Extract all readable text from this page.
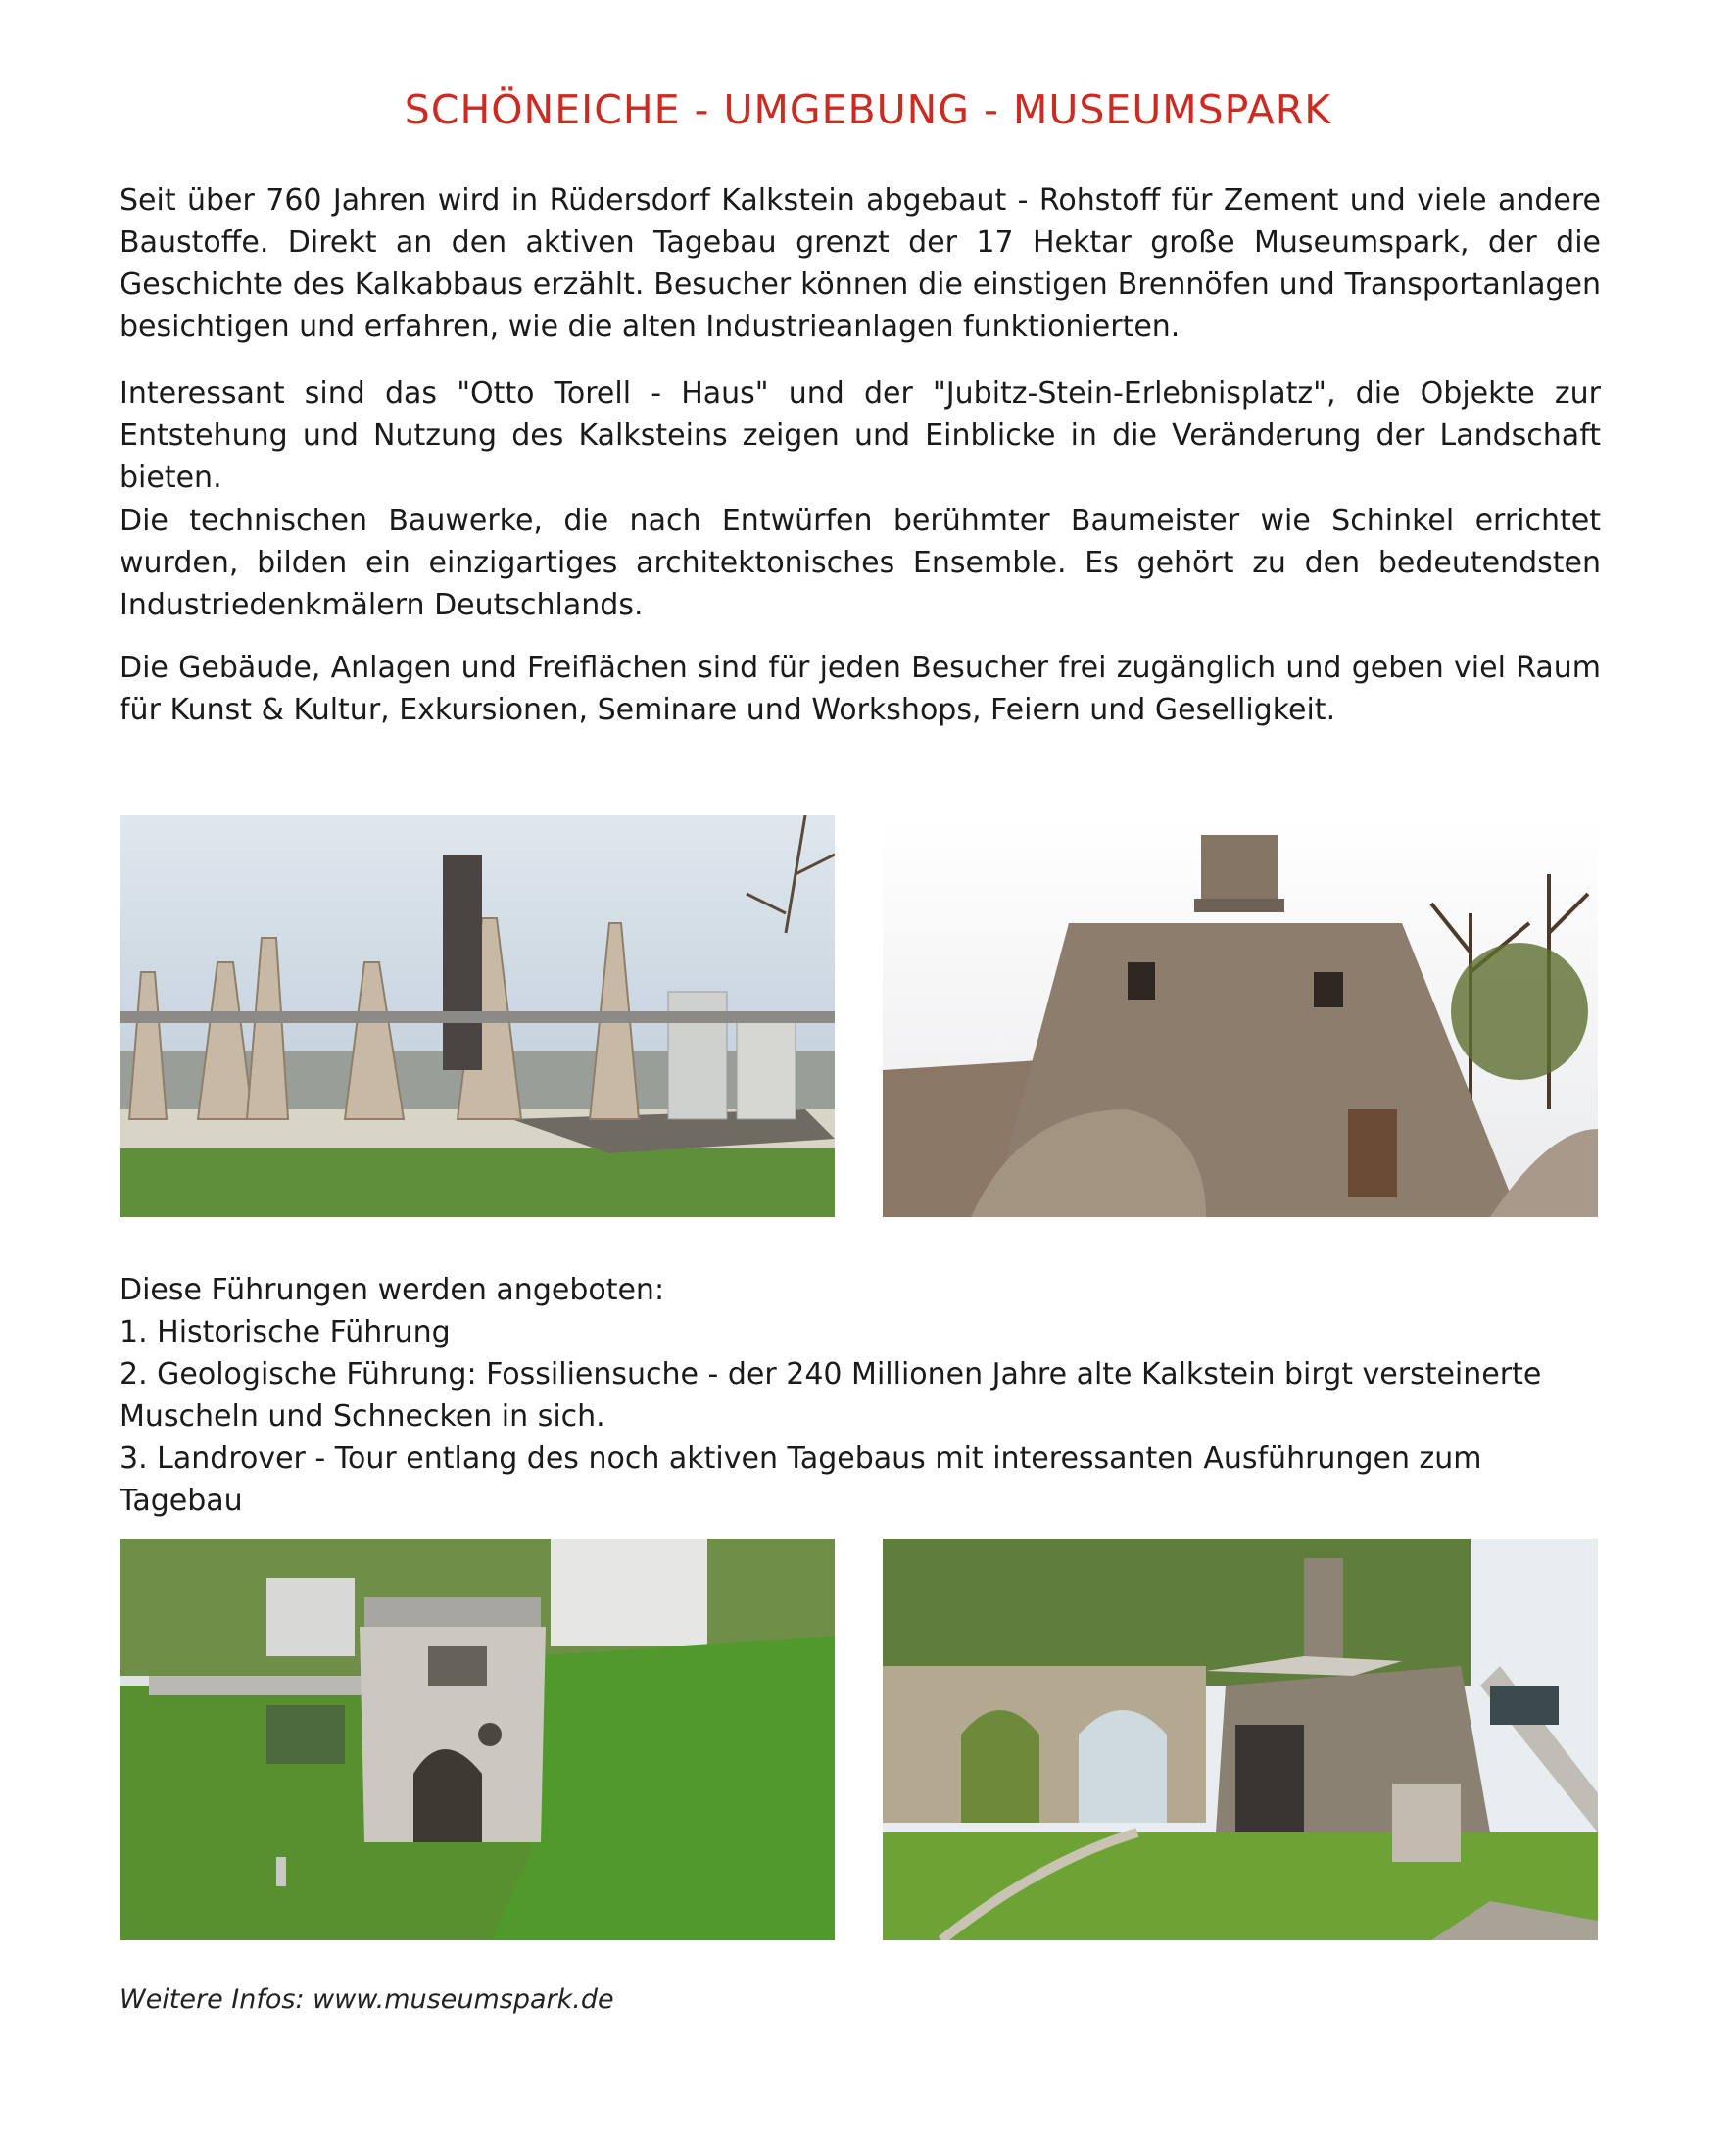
SCHÖNEICHE - UMGEBUNG - MUSEUMSPARK

Seit über 760 Jahren wird in Rüdersdorf Kalkstein abgebaut - Rohstoff für Zement und viele andere Baustoffe. Direkt an den aktiven Tagebau grenzt der 17 Hektar große Museumspark, der die Geschichte des Kalkabbaus erzählt. Besucher können die einstigen Brennöfen und Transportanlagen besichtigen und erfahren, wie die alten Industrieanlagen funktionierten.

Interessant sind das "Otto Torell - Haus" und der "Jubitz-Stein-Erlebnisplatz", die Objekte zur Entstehung und Nutzung des Kalksteins zeigen und Einblicke in die Veränderung der Landschaft bieten.

Die technischen Bauwerke, die nach Entwürfen berühmter Baumeister wie Schinkel errichtet wurden, bilden ein einzigartiges architektonisches Ensemble. Es gehört zu den bedeutendsten Industriedenkmälern Deutschlands.

Die Gebäude, Anlagen und Freiflächen sind für jeden Besucher frei zugänglich und geben viel Raum für Kunst & Kultur, Exkursionen, Seminare und Workshops, Feiern und Geselligkeit.

Diese Führungen werden angeboten:
1. Historische Führung
2. Geologische Führung: Fossiliensuche - der 240 Millionen Jahre alte Kalkstein birgt versteinerte Muscheln und Schnecken in sich.
3. Landrover - Tour entlang des noch aktiven Tagebaus mit interessanten Ausführungen zum Tagebau
Weitere Infos: www.museumspark.de
